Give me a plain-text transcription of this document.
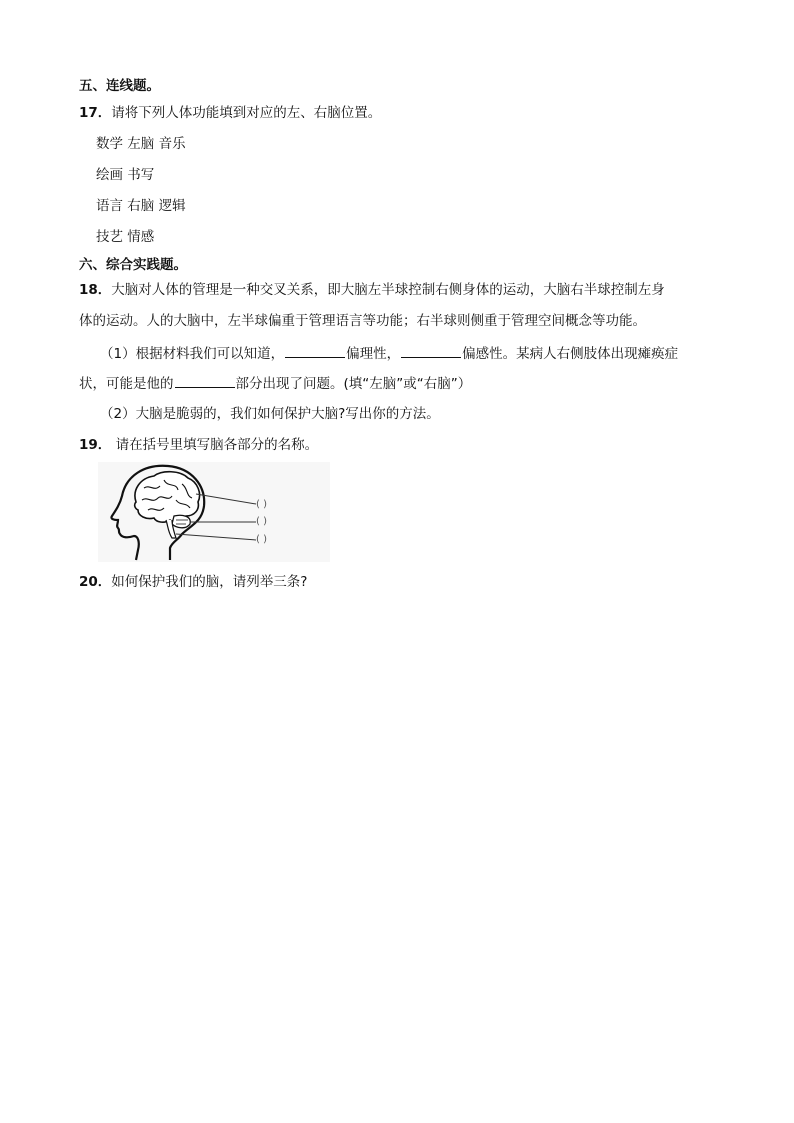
五、连线题。
17．请将下列人体功能填到对应的左、右脑位置。
数学 左脑 音乐
绘画 书写
语言 右脑 逻辑
技艺 情感
六、综合实践题。
18．大脑对人体的管理是一种交叉关系，即大脑左半球控制右侧身体的运动，大脑右半球控制左身
体的运动。人的大脑中，左半球偏重于管理语言等功能；右半球则侧重于管理空间概念等功能。
（1）根据材料我们可以知道，	偏理性，	偏感性。某病人右侧肢体出现瘫痪症
状，可能是他的	部分出现了问题。(填“左脑”或“右脑”）
（2）大脑是脆弱的，我们如何保护大脑?写出你的方法。
19． 请在括号里填写脑各部分的名称。
( )
( )
( )
20．如何保护我们的脑，请列举三条?
